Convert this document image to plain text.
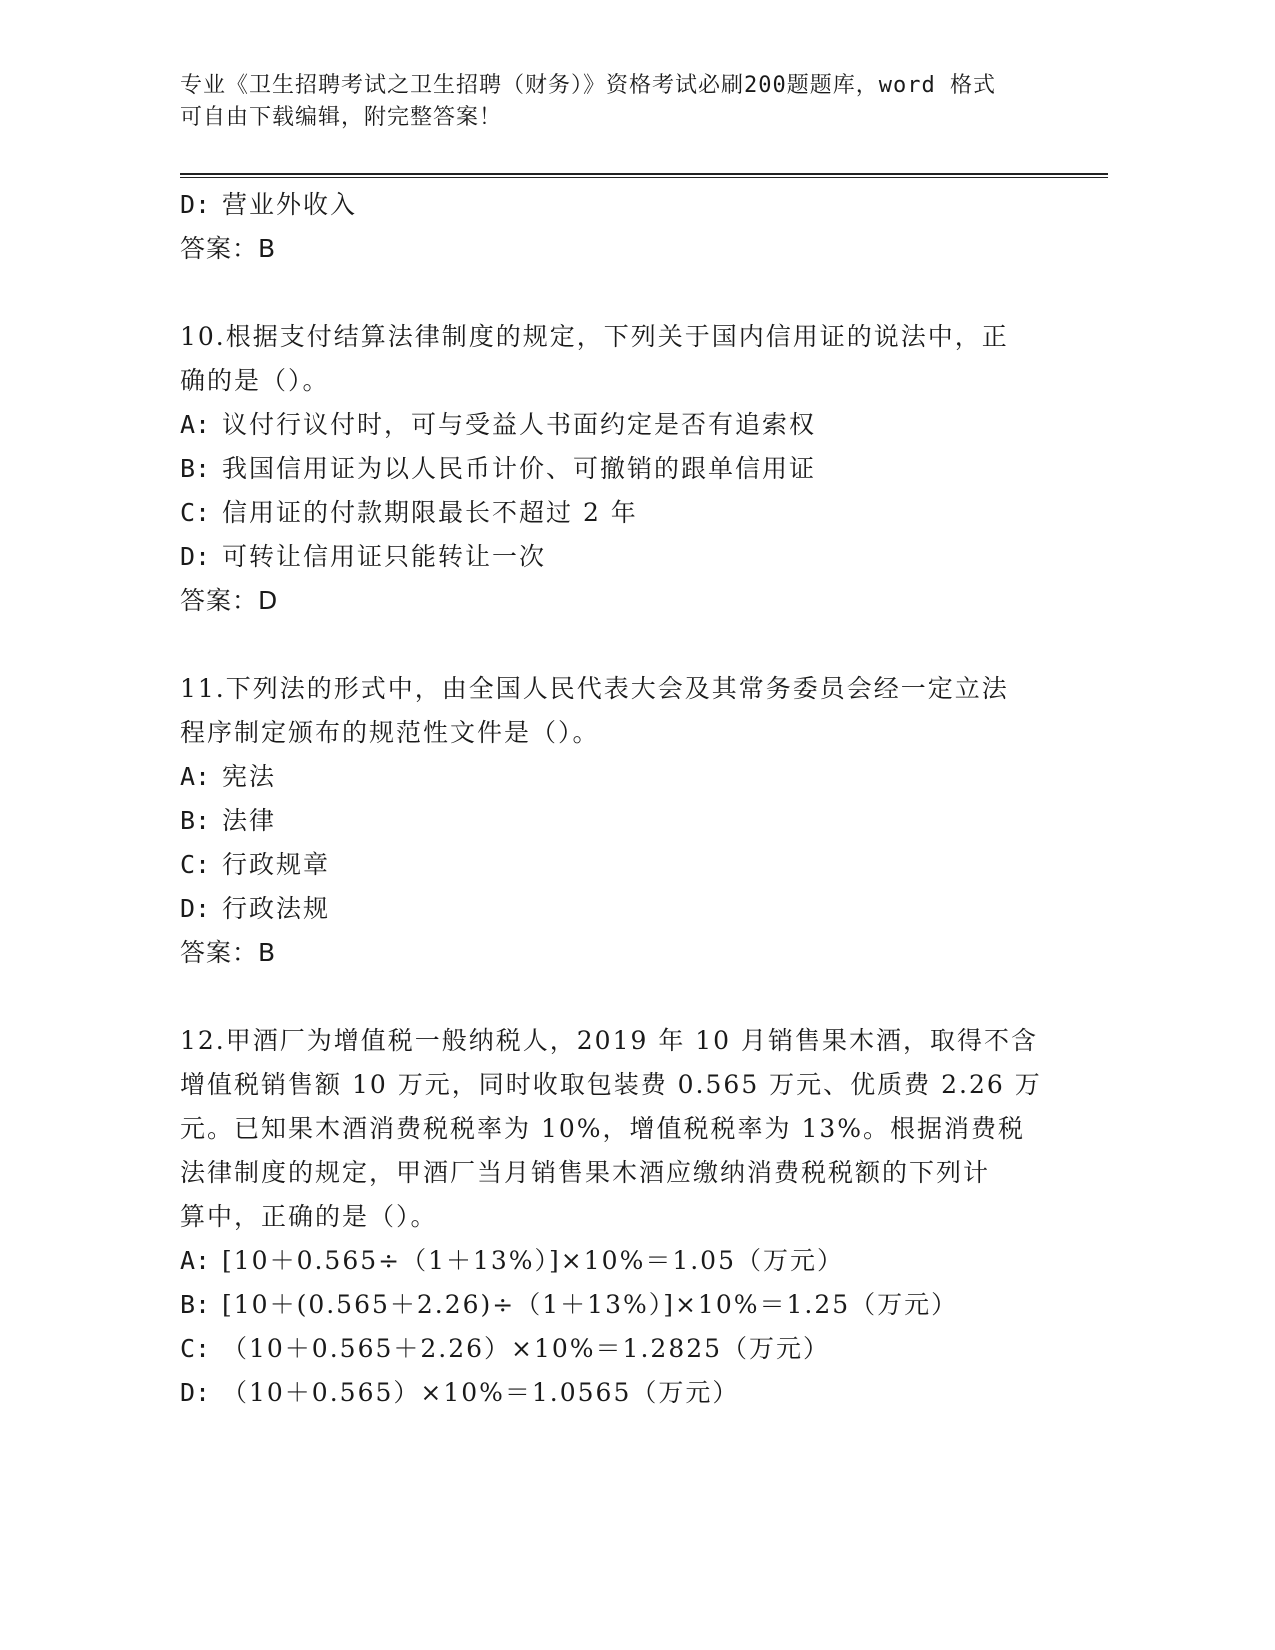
专业《卫生招聘考试之卫生招聘（财务）》资格考试必刷200题题库，word 格式
可自由下载编辑，附完整答案！
D: 营业外收入
答案：B
10.根据支付结算法律制度的规定，下列关于国内信用证的说法中，正
确的是（）。
A: 议付行议付时，可与受益人书面约定是否有追索权
B: 我国信用证为以人民币计价、可撤销的跟单信用证
C: 信用证的付款期限最长不超过 2 年
D: 可转让信用证只能转让一次
答案：D
11.下列法的形式中，由全国人民代表大会及其常务委员会经一定立法
程序制定颁布的规范性文件是（）。
A: 宪法
B: 法律
C: 行政规章
D: 行政法规
答案：B
12.甲酒厂为增值税一般纳税人，2019 年 10 月销售果木酒，取得不含
增值税销售额 10 万元，同时收取包装费 0.565 万元、优质费 2.26 万
元。已知果木酒消费税税率为 10%，增值税税率为 13%。根据消费税
法律制度的规定，甲酒厂当月销售果木酒应缴纳消费税税额的下列计
算中，正确的是（）。
A: [10＋0.565÷（1＋13%）]×10%＝1.05（万元）
B: [10＋(0.565＋2.26)÷（1＋13%）]×10%＝1.25（万元）
C: （10＋0.565＋2.26）×10%＝1.2825（万元）
D: （10＋0.565）×10%＝1.0565（万元）
